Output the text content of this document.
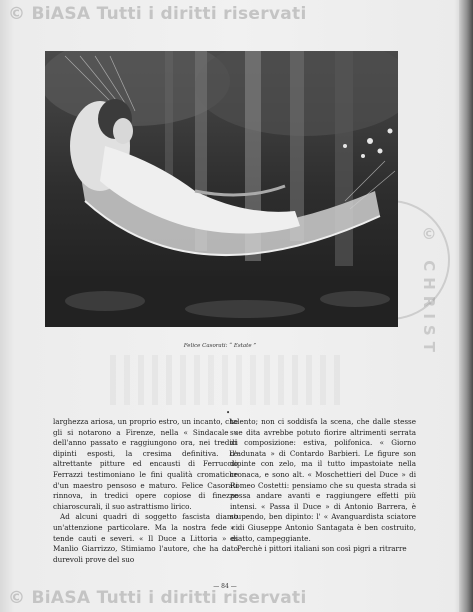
© BiASA Tutti i diritti riservati
© CHRIST
Felice Casorati: “ Estate ”
•

larghezza ariosa, un proprio estro, un incanto, che gli si notarono a Firenze, nella « Sindacale » dell'anno passato e raggiungono ora, nei tredici dipinti esposti, la cresima definitiva. Le altrettante pitture ed encausti di Ferruccio Ferrazzi testimoniano le fini qualità cromatiche d'un maestro pensoso e maturo. Felice Casorati rinnova, in tredici opere copiose di finezze chiaroscurali, il suo astrattismo lirico.

Ad alcuni quadri di soggetto fascista diamo un'attenzione particolare. Ma la nostra fede ci tende cauti e severi. « Il Duce a Littoria » di Manlio Giarrizzo, Stimiamo l'autore, che ha dato durevoli prove del suo

talento; non ci soddisfa la scena, che dalle stesse sue dita avrebbe potuto fiorire altrimenti serrata di composizione: estiva, polifonica. « Giorno d'adunata » di Contardo Barbieri. Le figure son dipinte con zelo, ma il tutto impastoiate nella cronaca, e sono alt. « Moschettieri del Duce » di Romeo Costetti: pensiamo che su questa strada si possa andare avanti e raggiungere effetti più intensi. « Passa il Duce » di Antonio Barrera, è stupendo, ben dipinto: l' « Avanguardista sciatore » di Giuseppe Antonio Santagata è ben costruito, esatto, campeggiante.

Perchè i pittori italiani son così pigri a ritrarre

— 84 —
© BiASA Tutti i diritti riservati
